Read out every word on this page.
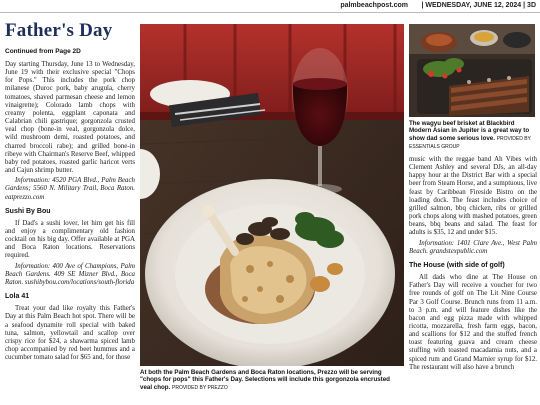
palmbeachpost.com | WEDNESDAY, JUNE 12, 2024 | 3D
Father's Day
Continued from Page 2D

Day starting Thursday, June 13 to Wednesday, June 19 with their exclusive special "Chops for Pops." This includes the pork chop milanese (Duroc pork, baby arugula, cherry tomatoes, shaved parmesan cheese and lemon vinaigrette); Colorado lamb chops with creamy polenta, eggplant caponata and Calabrian chili gastrique; gorgonzola crusted veal chop (bone-in veal, gorgonzola dolce, wild mushroom demi, roasted potatoes, and charred broccoli rabe); and grilled bone-in ribeye with Chairman's Reserve Beef, whipped baby red potatoes, roasted garlic haricot verts and Cajun shrimp butter.

Information: 4520 PGA Blvd., Palm Beach Gardens; 5560 N. Military Trail, Boca Raton. eatprezzo.com

Sushi By Bou

If Dad's a sushi lover, let him get his fill and enjoy a complimentary old fashion cocktail on his big day. Offer available at PGA and Boca Raton locations. Reservations required.

Information: 400 Ave of Champions, Palm Beach Gardens. 409 SE Mizner Blvd., Boca Raton. sushibybou.com/locations/south-florida

Lola 41

Treat your dad like royalty this Father's Day at this Palm Beach hot spot. There will be a seafood dynamite roll special with baked tuna, salmon, yellowtail and scallop over crispy rice for $24, a shawarma spiced lamb chop accompanied by red beet hummus and a cucumber tomato salad for $65 and, for those

At both the Palm Beach Gardens and Boca Raton locations, Prezzo will be serving "chops for pops" this Father's Day. Selections will include this gorgonzola encrusted veal chop. PROVIDED BY PREZZO
The wagyu beef brisket at Blackbird Modern Asian in Jupiter is a great way to show dad some serious love. PROVIDED BY ESSENTIALS GROUP

music with the reggae band Ah Vibes with Clement Ashley and several DJs, an all-day happy hour at the District Bar with a special beer from Steam Horse, and a sumptuous, live feast by Caribbean Fireside Bistro on the loading dock. The feast includes choice of grilled salmon, bbq chicken, ribs or grilled pork chops along with mashed potatoes, green beans, bbq beans and salad. The feast for adults is $35, 12 and under $15.

Information: 1401 Clare Ave., West Palm Beach. grandstexpublic.com

The House (with side of golf)

All dads who dine at The House on Father's Day will receive a voucher for two free rounds of golf on The Lit Nine Course Par 3 Golf Course. Brunch runs from 11 a.m. to 3 p.m. and will feature dishes like the bacon and egg pizza made with whipped ricotta, mozzarella, fresh farm eggs, bacon, and scallions for $12 and the stuffed french toast featuring guava and cream cheese stuffing with toasted macadamia nuts, and a spiced rum and Grand Marnier syrup for $12. The restaurant will also have a brunch
